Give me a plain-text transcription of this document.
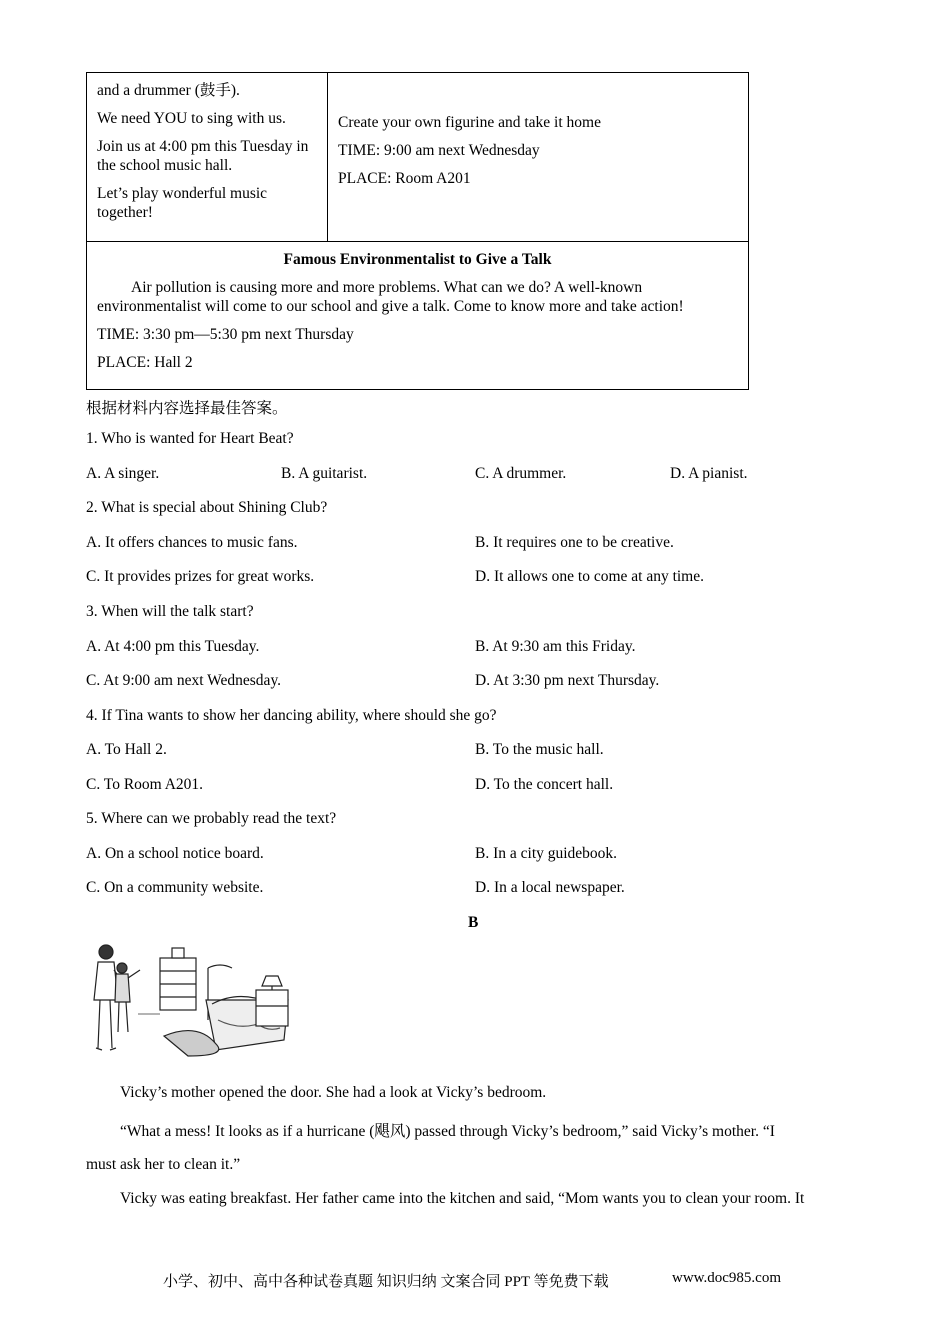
and a drummer (鼓手).

We need YOU to sing with us.

Join us at 4:00 pm this Tuesday in the school music hall.

Let’s play wonderful music together!

Create your own figurine and take it home

TIME: 9:00 am next Wednesday

PLACE: Room A201

Famous Environmentalist to Give a Talk

Air pollution is causing more and more problems. What can we do? A well-known environmentalist will come to our school and give a talk. Come to know more and take action!

TIME: 3:30 pm—5:30 pm next Thursday

PLACE: Hall 2

根据材料内容选择最佳答案。
1. Who is wanted for Heart Beat?
A. A singer.	B. A guitarist.	C. A drummer.	D. A pianist.
2. What is special about Shining Club?
A. It offers chances to music fans.	B. It requires one to be creative.
C. It provides prizes for great works.	D. It allows one to come at any time.
3. When will the talk start?
A. At 4:00 pm this Tuesday.	B. At 9:30 am this Friday.
C. At 9:00 am next Wednesday.	D. At 3:30 pm next Thursday.
4. If Tina wants to show her dancing ability, where should she go?
A. To Hall 2.	B. To the music hall.
C. To Room A201.	D. To the concert hall.
5. Where can we probably read the text?
A. On a school notice board.	B. In a city guidebook.
C. On a community website.	D. In a local newspaper.
B
Vicky’s mother opened the door. She had a look at Vicky’s bedroom.
“What a mess! It looks as if a hurricane (飓风) passed through Vicky’s bedroom,” said Vicky’s mother. “I
must ask her to clean it.”
Vicky was eating breakfast. Her father came into the kitchen and said, “Mom wants you to clean your room. It
小学、初中、高中各种试卷真题 知识归纳 文案合同 PPT 等免费下载	www.doc985.com
